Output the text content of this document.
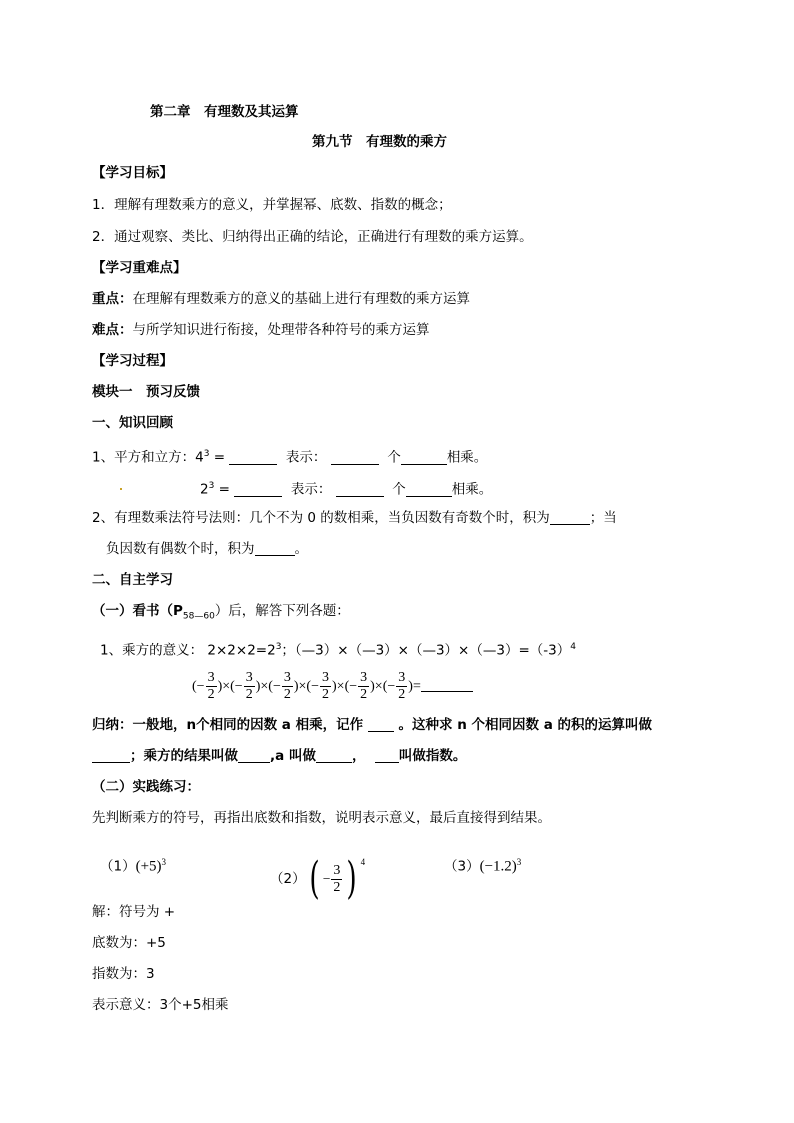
第二章　有理数及其运算
第九节　有理数的乘方
【学习目标】
1．理解有理数乘方的意义，并掌握幂、底数、指数的概念；
2．通过观察、类比、归纳得出正确的结论，正确进行有理数的乘方运算。
【学习重难点】
重点：在理解有理数乘方的意义的基础上进行有理数的乘方运算
难点：与所学知识进行衔接，处理带各种符号的乘方运算
【学习过程】
模块一　预习反馈
一、知识回顾
1、平方和立方：$4^3$ =	表示：	个	相乘。
$2^3$ =	表示：	个	相乘。
2、有理数乘法符号法则：几个不为 0 的数相乘，当负因数有奇数个时，积为	；当
负因数有偶数个时，积为	。
二、自主学习
（一）看书$(P_{58—60})$后，解答下列各题：
1、乘方的意义： $2\times 2\times 2=2^3$；$(—3)\times(—3)\times(—3)\times(—3)=(-3)^4$
(− $\frac{3}{2}$ )×(− $\frac{3}{2}$ )×(− $\frac{3}{2}$ )×(− $\frac{3}{2}$ )×(− $\frac{3}{2}$ )×(− $\frac{3}{2}$ )=
归纳：一般地，n个相同的因数 a 相乘，记作	。这种求 n 个相同因数 a 的积的运算叫做
；乘方的结果叫做 ,a 叫做	， 叫做指数。
（二）实践练习：
先判断乘方的符号，再指出底数和指数，说明表示意义，最后直接得到结果。
$(1)(+5)^3$
$(2)( - \frac{3}{2}$ ) $^4$	$(3)(-1.2)^3$
解：符号为 +
底数为：+5
指数为：3
表示意义：3个+5相乘
